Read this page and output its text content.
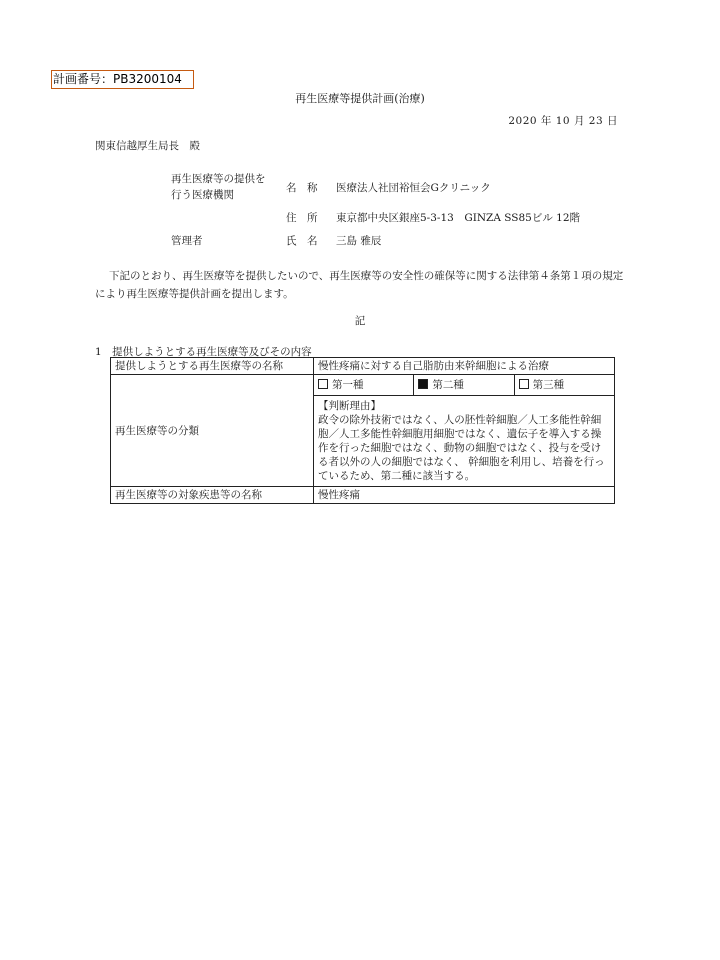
計画番号：PB3200104
再生医療等提供計画(治療)
2020 年 10 月 23 日
関東信越厚生局長　殿
再生医療等の提供を
行う医療機関
名　称 医療法人社団裕恒会Gクリニック
住　所 東京都中央区銀座5-3-13　GINZA SS85ビル 12階
管理者	氏　名 三島 雅辰
下記のとおり、再生医療等を提供したいので、再生医療等の安全性の確保等に関する法律第４条第１項の規定により再生医療等提供計画を提出します。
記
1　提供しようとする再生医療等及びその内容
提供しようとする再生医療等の名称	慢性疼痛に対する自己脂肪由来幹細胞による治療
再生医療等の分類	第一種 第二種 第三種
【判断理由】
政令の除外技術ではなく、人の胚性幹細胞／人工多能性幹細胞／人工多能性幹細胞用細胞ではなく、遺伝子を導入する操作を行った細胞ではなく、動物の細胞ではなく、投与を受ける者以外の人の細胞ではなく、 幹細胞を利用し、培養を行っているため、第二種に該当する。

再生医療等の対象疾患等の名称	慢性疼痛
